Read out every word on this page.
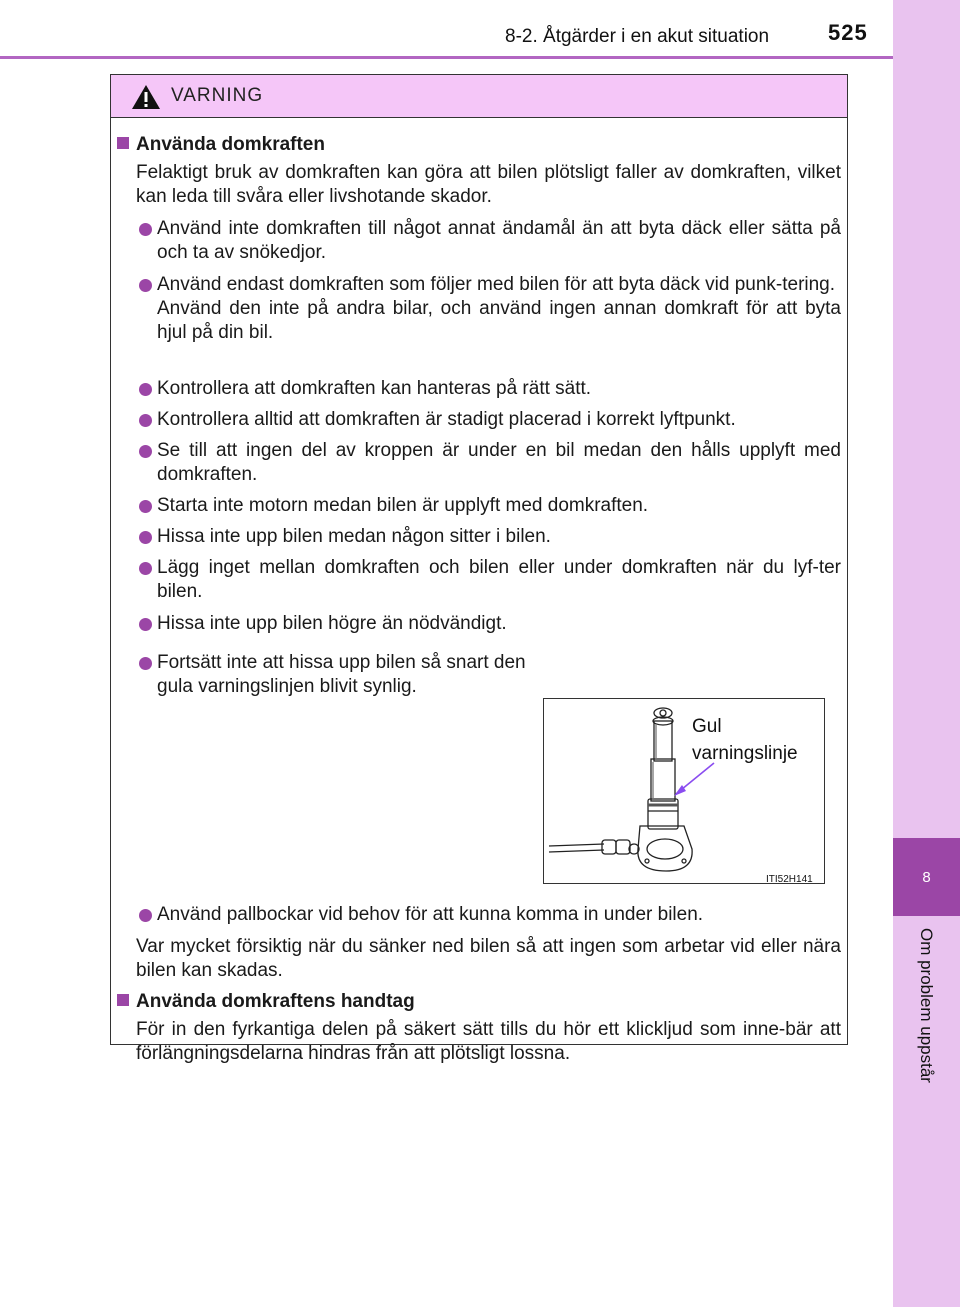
8-2. Åtgärder i en akut situation	525
8
Om problem uppstår
VARNING
Använda domkraften
Felaktigt bruk av domkraften kan göra att bilen plötsligt faller av domkraften, vilket kan leda till svåra eller livshotande skador.
Använd inte domkraften till något annat ändamål än att byta däck eller sätta på och ta av snökedjor.
Använd endast domkraften som följer med bilen för att byta däck vid punk-tering.
Använd den inte på andra bilar, och använd ingen annan domkraft för att byta hjul på din bil.
Kontrollera att domkraften kan hanteras på rätt sätt.
Kontrollera alltid att domkraften är stadigt placerad i korrekt lyftpunkt.
Se till att ingen del av kroppen är under en bil medan den hålls upplyft med domkraften.
Starta inte motorn medan bilen är upplyft med domkraften.
Hissa inte upp bilen medan någon sitter i bilen.
Lägg inget mellan domkraften och bilen eller under domkraften när du lyf-ter bilen.
Hissa inte upp bilen högre än nödvändigt.
Fortsätt inte att hissa upp bilen så snart den gula varningslinjen blivit synlig.
Gul
varningslinje
ITI52H141
Använd pallbockar vid behov för att kunna komma in under bilen.
Var mycket försiktig när du sänker ned bilen så att ingen som arbetar vid eller nära bilen kan skadas.
Använda domkraftens handtag
För in den fyrkantiga delen på säkert sätt tills du hör ett klickljud som inne-bär att förlängningsdelarna hindras från att plötsligt lossna.
